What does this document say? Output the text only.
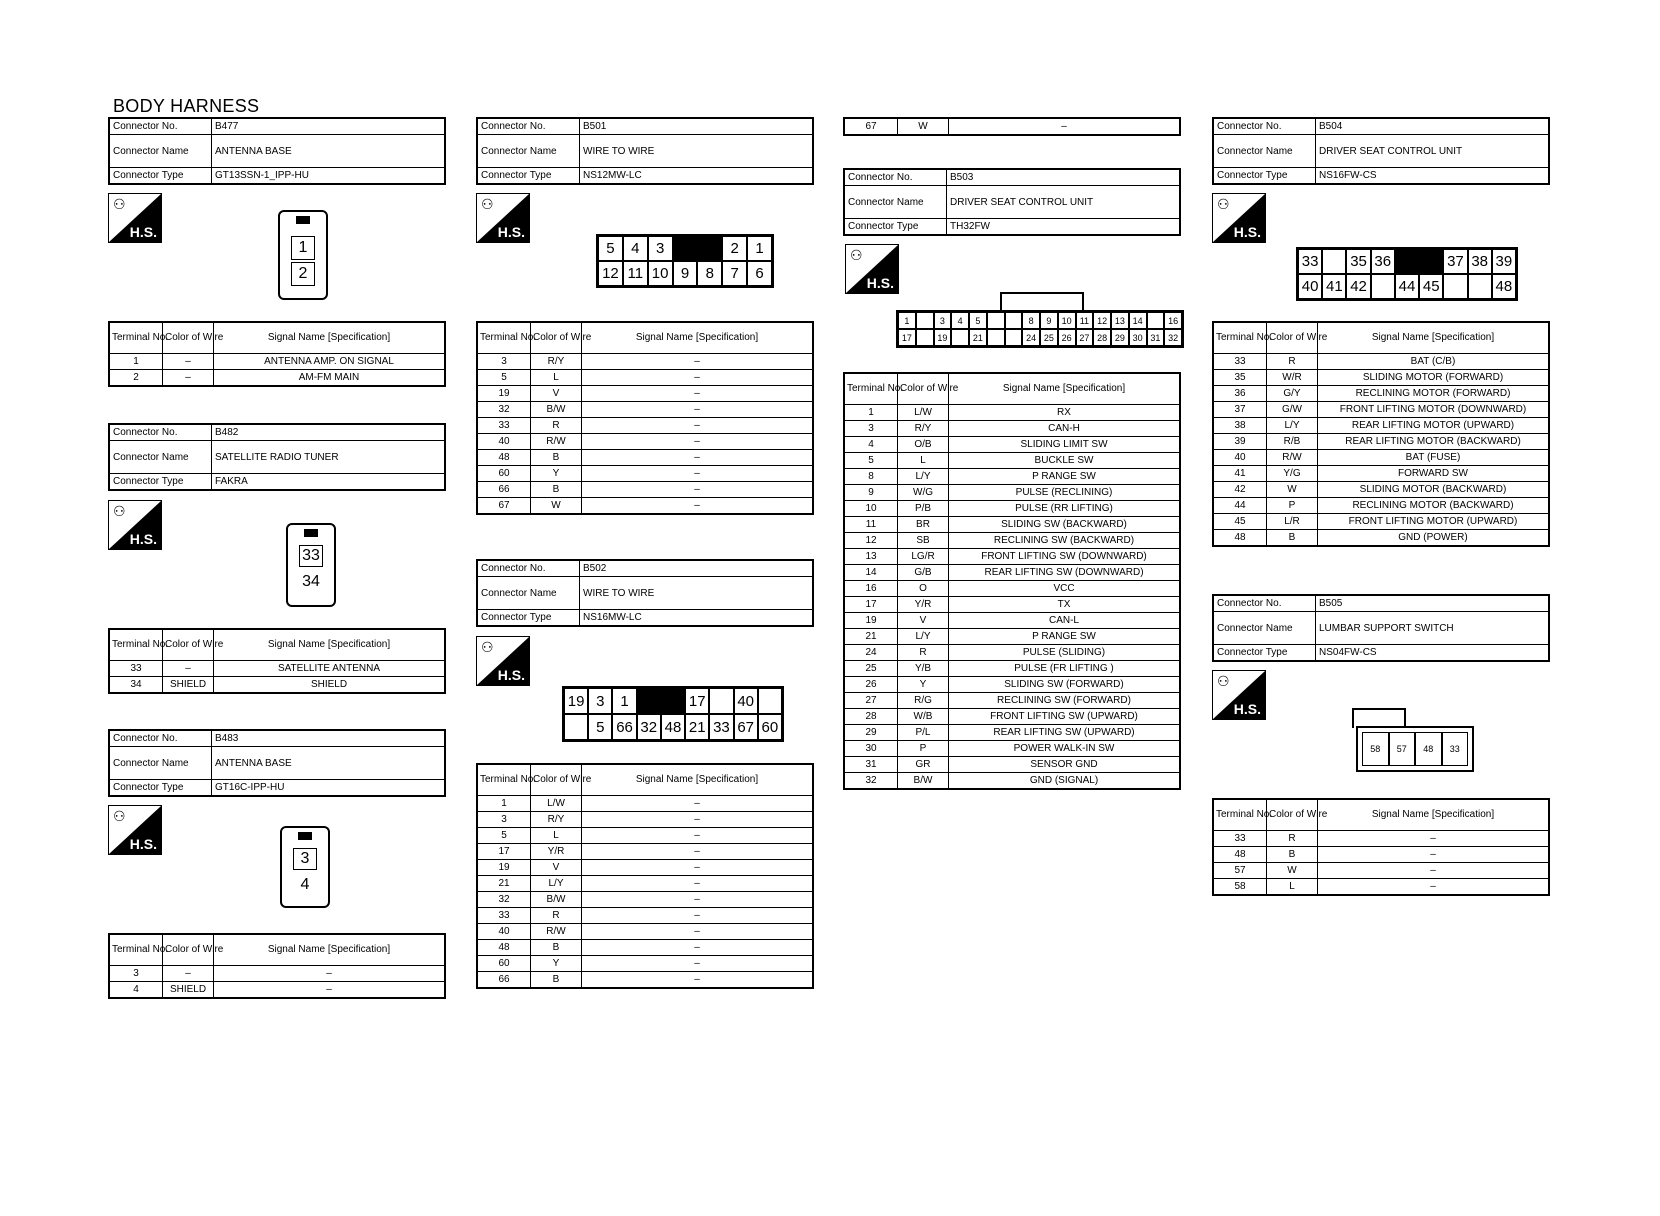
BODY HARNESS
Connector No.	B477
Connector Name	ANTENNA BASE
Connector Type	GT13SSN-1_IPP-HU
⚇
H.S.
1
2
Terminal No.	Color of Wire	Signal Name [Specification]
1	–	ANTENNA AMP. ON SIGNAL
2	–	AM-FM MAIN
Connector No.	B482
Connector Name	SATELLITE RADIO TUNER
Connector Type	FAKRA
⚇
H.S.
33
34
Terminal No.	Color of Wire	Signal Name [Specification]
33	–	SATELLITE ANTENNA
34	SHIELD	SHIELD
Connector No.	B483
Connector Name	ANTENNA BASE
Connector Type	GT16C-IPP-HU
⚇
H.S.
3
4
Terminal No.	Color of Wire	Signal Name [Specification]
3	–	–
4	SHIELD	–
Connector No.	B501
Connector Name	WIRE TO WIRE
Connector Type	NS12MW-LC
⚇
H.S.
5	4	3	2	1
12 11 10 9	8	7	6
Terminal No.	Color of Wire	Signal Name [Specification]
3	R/Y	–
5	L	–
19	V	–
32	B/W	–
33	R	–
40	R/W	–
48	B	–
60	Y	–
66	B	–
67	W	–
Connector No.	B502
Connector Name	WIRE TO WIRE
Connector Type	NS16MW-LC
⚇
H.S.
19 3	1	17 40
5 66 32 48 21 33 67 60
Terminal No.	Color of Wire	Signal Name [Specification]
1	L/W	–
3	R/Y	–
5	L	–
17	Y/R	–
19	V	–
21	L/Y	–
32	B/W	–
33	R	–
40	R/W	–
48	B	–
60	Y	–
66	B	–
67	W	–
Connector No.	B503
Connector Name	DRIVER SEAT CONTROL UNIT
Connector Type	TH32FW
⚇
H.S.
1	3	4	5	8	9	10 11 12 13 14	16
17	19	21	24 25 26 27 28 29 30 31 32
Terminal No.	Color of Wire	Signal Name [Specification]
1	L/W	RX
3	R/Y	CAN-H
4	O/B	SLIDING LIMIT SW
5	L	BUCKLE SW
8	L/Y	P RANGE SW
9	W/G	PULSE (RECLINING)
10	P/B	PULSE (RR LIFTING)
11	BR	SLIDING SW (BACKWARD)
12	SB	RECLINING SW (BACKWARD)
13	LG/R	FRONT LIFTING SW (DOWNWARD)
14	G/B	REAR LIFTING SW (DOWNWARD)
16	O	VCC
17	Y/R	TX
19	V	CAN-L
21	L/Y	P RANGE SW
24	R	PULSE (SLIDING)
25	Y/B	PULSE (FR LIFTING )
26	Y	SLIDING SW (FORWARD)
27	R/G	RECLINING SW (FORWARD)
28	W/B	FRONT LIFTING SW (UPWARD)
29	P/L	REAR LIFTING SW (UPWARD)
30	P	POWER WALK-IN SW
31	GR	SENSOR GND
32	B/W	GND (SIGNAL)
Connector No.	B504
Connector Name	DRIVER SEAT CONTROL UNIT
Connector Type	NS16FW-CS
⚇
H.S.
33 35 36	37 38 39
40 41 42 44 45	48
Terminal No.	Color of Wire	Signal Name [Specification]
33	R	BAT (C/B)
35	W/R	SLIDING MOTOR (FORWARD)
36	G/Y	RECLINING MOTOR (FORWARD)
37	G/W	FRONT LIFTING MOTOR (DOWNWARD)
38	L/Y	REAR LIFTING MOTOR (UPWARD)
39	R/B	REAR LIFTING MOTOR (BACKWARD)
40	R/W	BAT (FUSE)
41	Y/G	FORWARD SW
42	W	SLIDING MOTOR (BACKWARD)
44	P	RECLINING MOTOR (BACKWARD)
45	L/R	FRONT LIFTING MOTOR (UPWARD)
48	B	GND (POWER)
Connector No.	B505
Connector Name	LUMBAR SUPPORT SWITCH
Connector Type	NS04FW-CS
⚇
H.S.
58	57	48	33
Terminal No.	Color of Wire	Signal Name [Specification]
33	R	–
48	B	–
57	W	–
58	L	–
